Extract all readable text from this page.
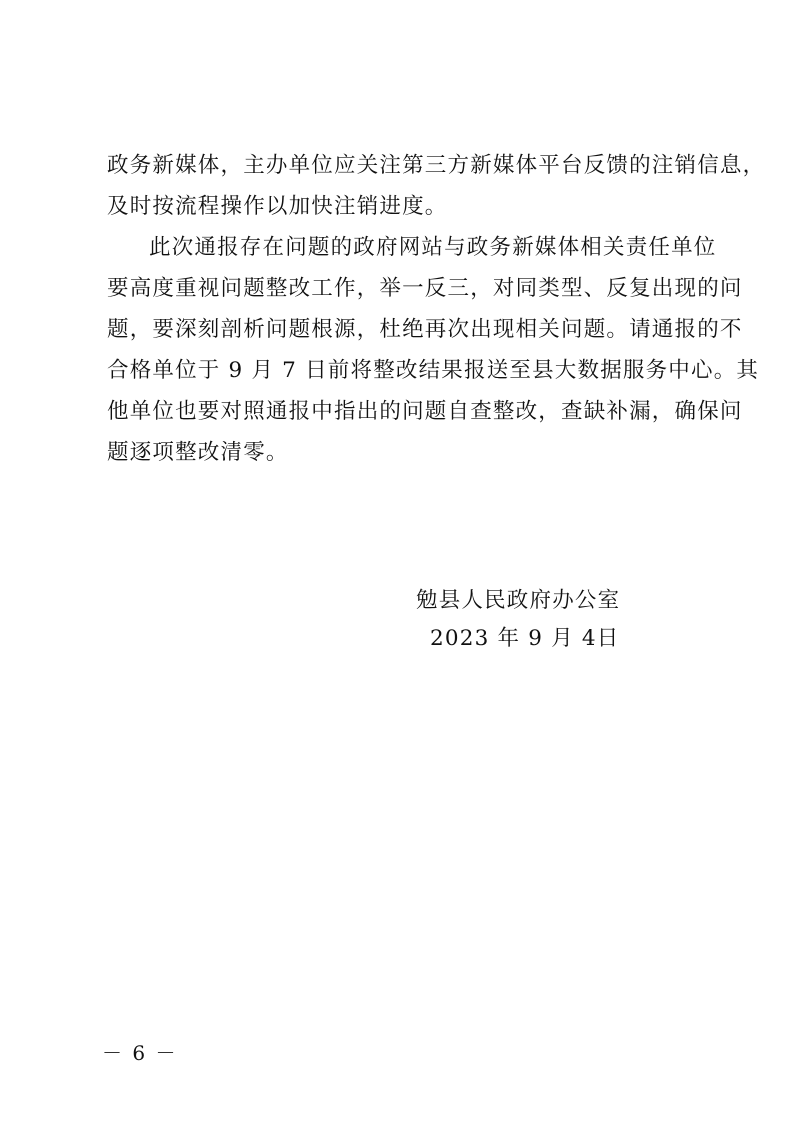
政务新媒体，主办单位应关注第三方新媒体平台反馈的注销信息，
及时按流程操作以加快注销进度。
此次通报存在问题的政府网站与政务新媒体相关责任单位
要高度重视问题整改工作，举一反三，对同类型、反复出现的问
题，要深刻剖析问题根源，杜绝再次出现相关问题。请通报的不
合格单位于 9 月 7 日前将整改结果报送至县大数据服务中心。其
他单位也要对照通报中指出的问题自查整改，查缺补漏，确保问
题逐项整改清零。
勉县人民政府办公室
2023 年 9 月 4日
－ 6 －
